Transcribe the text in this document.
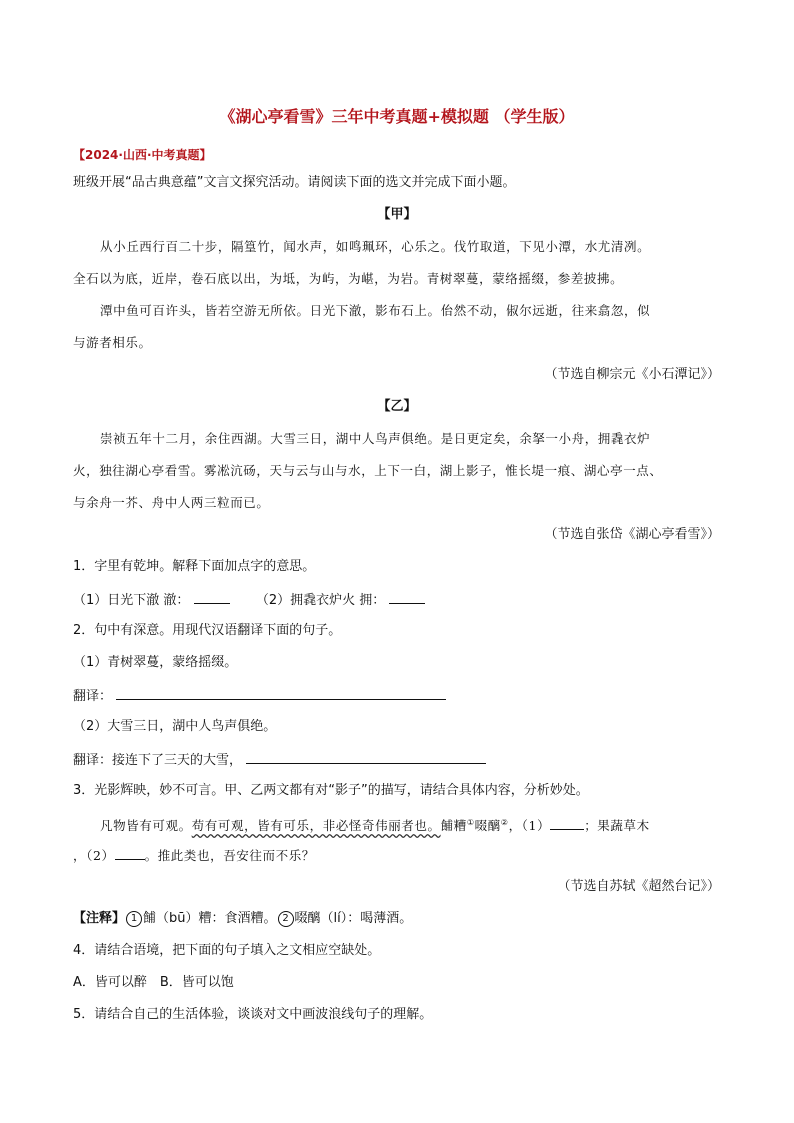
《湖心亭看雪》三年中考真题+模拟题 （学生版）
【2024·山西·中考真题】
班级开展“品古典意蕴”文言文探究活动。请阅读下面的选文并完成下面小题。
【甲】
从小丘西行百二十步，隔篁竹，闻水声，如鸣珮环，心乐之。伐竹取道，下见小潭，水尤清冽。
全石以为底，近岸，卷石底以出，为坻，为屿，为嵁，为岩。青树翠蔓，蒙络摇缀，参差披拂。
潭中鱼可百许头，皆若空游无所依。日光下澈，影布石上。佁然不动，俶尔远逝，往来翕忽，似
与游者相乐。
（节选自柳宗元《小石潭记》）
【乙】
崇祯五年十二月，余住西湖。大雪三日，湖中人鸟声俱绝。是日更定矣，余拏一小舟，拥毳衣炉
火，独往湖心亭看雪。雾凇沆砀，天与云与山与水，上下一白，湖上影子，惟长堤一痕、湖心亭一点、
与余舟一芥、舟中人两三粒而已。
（节选自张岱《湖心亭看雪》）
1．字里有乾坤。解释下面加点字的意思。
（1）日光下澈 澈：	（2）拥毳衣炉火 拥：
2．句中有深意。用现代汉语翻译下面的句子。
（1）青树翠蔓，蒙络摇缀。
翻译：
（2）大雪三日，湖中人鸟声俱绝。
翻译：接连下了三天的大雪，
3．光影辉映，妙不可言。甲、乙两文都有对“影子”的描写，请结合具体内容，分析妙处。
凡物皆有可观。苟有可观，皆有可乐，非必怪奇伟丽者也。餔糟①啜醨②，（1）	；果蔬草木
，（2） 。推此类也，吾安往而不乐？
（节选自苏轼《超然台记》）
【注释】 1 餔（bū）糟：食酒糟。 2 啜醨（lí）：喝薄酒。
4．请结合语境，把下面的句子填入之文相应空缺处。
A．皆可以醉　B．皆可以饱
5．请结合自己的生活体验，谈谈对文中画波浪线句子的理解。
